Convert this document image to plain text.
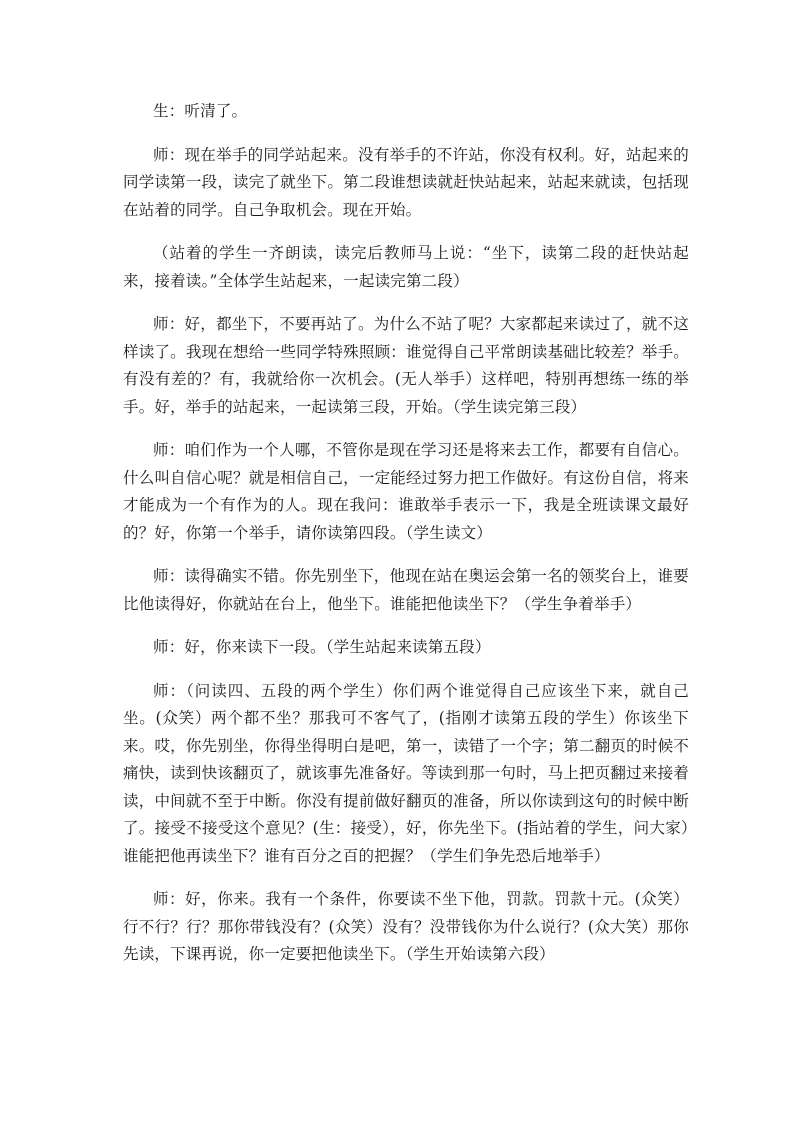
生：听清了。

师：现在举手的同学站起来。没有举手的不许站，你没有权利。好，站起来的同学读第一段，读完了就坐下。第二段谁想读就赶快站起来，站起来就读，包括现在站着的同学。自己争取机会。现在开始。

（站着的学生一齐朗读，读完后教师马上说：“坐下，读第二段的赶快站起来，接着读。”全体学生站起来，一起读完第二段）

师：好，都坐下，不要再站了。为什么不站了呢？大家都起来读过了，就不这样读了。我现在想给一些同学特殊照顾：谁觉得自己平常朗读基础比较差？举手。有没有差的？有，我就给你一次机会。(无人举手）这样吧，特别再想练一练的举手。好，举手的站起来，一起读第三段，开始。（学生读完第三段）

师：咱们作为一个人哪，不管你是现在学习还是将来去工作，都要有自信心。什么叫自信心呢？就是相信自己，一定能经过努力把工作做好。有这份自信，将来才能成为一个有作为的人。现在我问：谁敢举手表示一下，我是全班读课文最好的？好，你第一个举手，请你读第四段。（学生读文）

师：读得确实不错。你先别坐下，他现在站在奥运会第一名的领奖台上，谁要比他读得好，你就站在台上，他坐下。谁能把他读坐下？（学生争着举手）

师：好，你来读下一段。（学生站起来读第五段）

师：（问读四、五段的两个学生）你们两个谁觉得自己应该坐下来，就自己坐。(众笑）两个都不坐？那我可不客气了，(指刚才读第五段的学生）你该坐下来。哎，你先别坐，你得坐得明白是吧，第一，读错了一个字；第二翻页的时候不痛快，读到快该翻页了，就该事先准备好。等读到那一句时，马上把页翻过来接着读，中间就不至于中断。你没有提前做好翻页的准备，所以你读到这句的时候中断了。接受不接受这个意见？(生：接受），好，你先坐下。(指站着的学生，问大家）谁能把他再读坐下？谁有百分之百的把握？（学生们争先恐后地举手）

师：好，你来。我有一个条件，你要读不坐下他，罚款。罚款十元。(众笑）行不行？行？那你带钱没有？(众笑）没有？没带钱你为什么说行？(众大笑）那你先读，下课再说，你一定要把他读坐下。（学生开始读第六段）
